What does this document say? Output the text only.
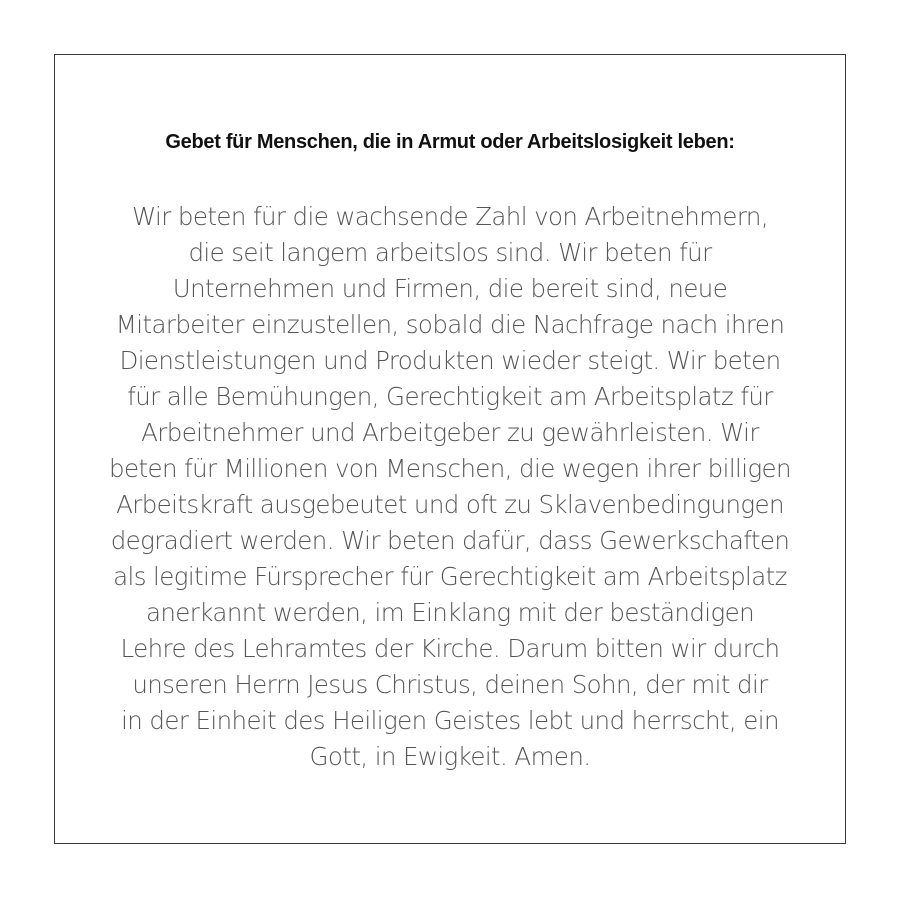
Gebet für Menschen, die in Armut oder Arbeitslosigkeit leben:
Wir beten für die wachsende Zahl von Arbeitnehmern,
die seit langem arbeitslos sind. Wir beten für
Unternehmen und Firmen, die bereit sind, neue
Mitarbeiter einzustellen, sobald die Nachfrage nach ihren
Dienstleistungen und Produkten wieder steigt. Wir beten
für alle Bemühungen, Gerechtigkeit am Arbeitsplatz für
Arbeitnehmer und Arbeitgeber zu gewährleisten. Wir
beten für Millionen von Menschen, die wegen ihrer billigen
Arbeitskraft ausgebeutet und oft zu Sklavenbedingungen
degradiert werden. Wir beten dafür, dass Gewerkschaften
als legitime Fürsprecher für Gerechtigkeit am Arbeitsplatz
anerkannt werden, im Einklang mit der beständigen
Lehre des Lehramtes der Kirche. Darum bitten wir durch
unseren Herrn Jesus Christus, deinen Sohn, der mit dir
in der Einheit des Heiligen Geistes lebt und herrscht, ein
Gott, in Ewigkeit. Amen.
